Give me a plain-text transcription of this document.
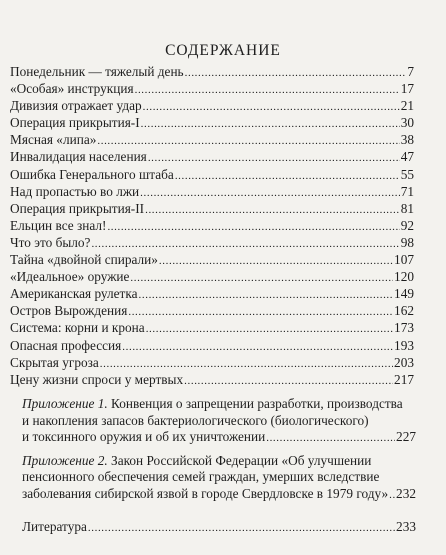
СОДЕРЖАНИЕ
Понедельник — тяжелый день .....	7
«Особая» инструкция .....	17
Дивизия отражает удар .....	21
Операция прикрытия-I .....	30
Мясная «липа» .....	38
Инвалидация населения .....	47
Ошибка Генерального штаба .....	55
Над пропастью во лжи .....	71
Операция прикрытия-II .....	81
Ельцин все знал! .....	92
Что это было? .....	98
Тайна «двойной спирали» .....	107
«Идеальное» оружие .....	120
Американская рулетка .....	149
Остров Вырождения .....	162
Система: корни и крона .....	173
Опасная профессия .....	193
Скрытая угроза .....	203
Цену жизни спроси у мертвых .....	217
Приложение 1. Конвенция о запрещении разработки, производства
и накопления запасов бактериологического (биологического)
и токсинного оружия и об их уничтожении .....	227
Приложение 2. Закон Российской Федерации «Об улучшении
пенсионного обеспечения семей граждан, умерших вследствие
заболевания сибирской язвой в городе Свердловске в 1979 году» ..... 232
Литература .....	233
